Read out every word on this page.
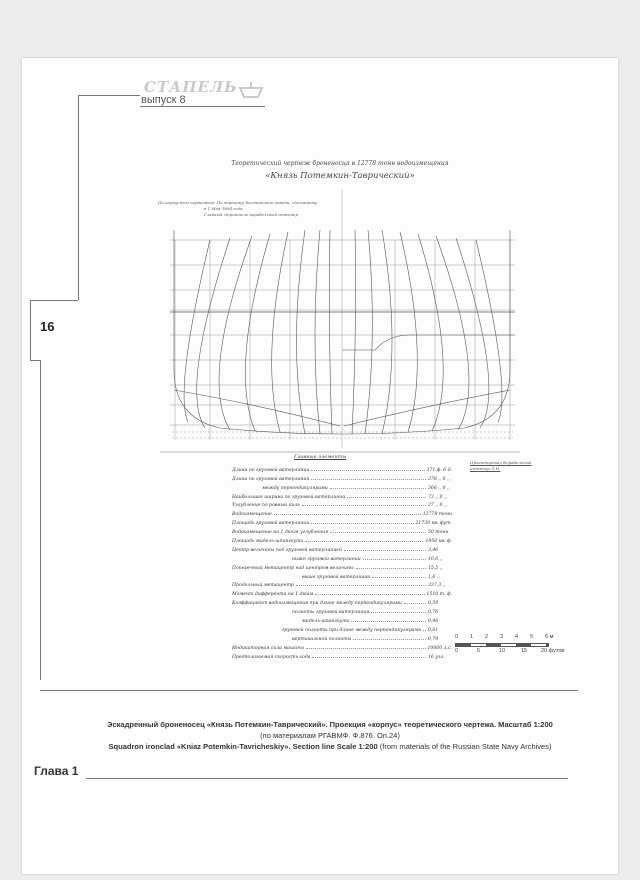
СТАПЕЛЬ
выпуск 8
16
Теоретический чертеж броненосца в 12778 тонн водоизмещения
«Князь Потемкин-Таврический»
По корпусным чертежам: По чертежу Балтийского завода, сделанному
в 1 Мая 1894 года
Главный строитель корабельный инженер
Главные элементы
Проектировал Корабельный инженер Л.Н.
Длина по грузовой ватерлинии	371 ф. 6 д.
Длина по грузовой ватерлинии	378 ,, 0 ,,
между перпендикулярами	366 ,, 0 ,,
Наибольшая ширина по грузовой ватерлинии	73 ,, 0 ,,
Углубление по ровный киль	27 ,, 0 ,,
Водоизмещение	12778 тонн
Площадь грузовой ватерлинии	21730 кв. фут.
Водоизмещение на 1 дюйм углубления	50 тонн
Площадь мидель-шпангоута	1950 кв. ф.
Центр величины под грузовой ватерлинией	3,46
ниже грузовой ватерлинии	10,6 ,,
Поперечный метацентр над центром величины	15,5 ,,
выше грузовой ватерлинии	1,6 ,,
Продольный метацентр	337,3 ,,
Момент дифферента на 1 дюйм	1510 т. ф.
Коэффициент водоизмещения при длине между перпендикулярами	0,59
полноты грузовой ватерлинии	0,76
мидель-шпангоута	0,96
грузовой полноты при длине между перпендикулярами 0,61
вертикальной полноты	0,79
Индикаторная сила машины	10600 л.с.
Предполагаемая скорость хода	16 узл.
0 1 2 3 4 5 6 м
0	5	10	15	20 футов
Эскадренный броненосец «Князь Потемкин-Таврический». Проекция «корпус» теоретического чертежа. Масштаб 1:200
(по материалам РГАВМФ. Ф.876. Оп.24)
Squadron ironclad «Kniaz Potemkin-Tavricheskiy». Section line Scale 1:200 (from materials of the Russian State Navy Archives)
Глава 1
